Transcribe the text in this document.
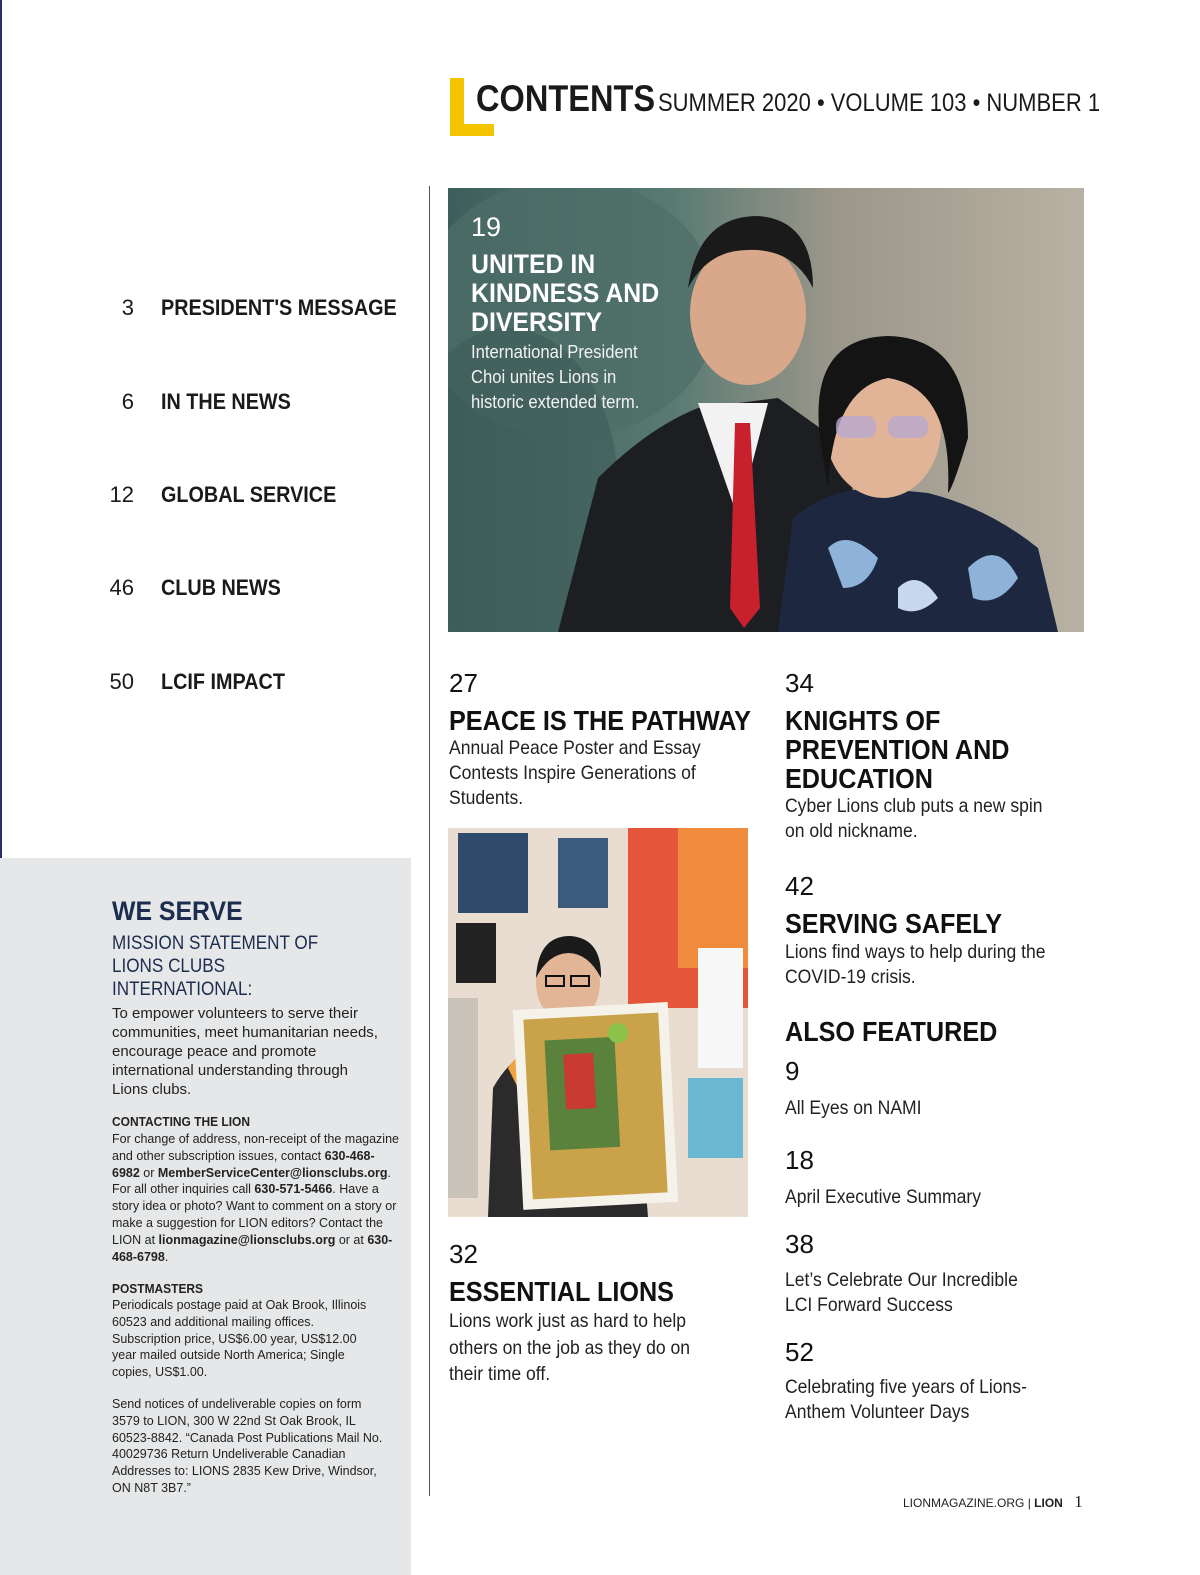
CONTENTS SUMMER 2020 • VOLUME 103 • NUMBER 1
3 PRESIDENT'S MESSAGE
6 IN THE NEWS
12 GLOBAL SERVICE
46 CLUB NEWS
50 LCIF IMPACT
WE SERVE
MISSION STATEMENT OF LIONS CLUBS INTERNATIONAL:
To empower volunteers to serve their communities, meet humanitarian needs, encourage peace and promote international understanding through Lions clubs.
CONTACTING THE LION
For change of address, non-receipt of the magazine and other subscription issues, contact 630-468-6982 or MemberServiceCenter@lionsclubs.org. For all other inquiries call 630-571-5466. Have a story idea or photo? Want to comment on a story or make a suggestion for LION editors? Contact the LION at lionmagazine@lionsclubs.org or at 630-468-6798.
POSTMASTERS
Periodicals postage paid at Oak Brook, Illinois 60523 and additional mailing offices. Subscription price, US$6.00 year, US$12.00 year mailed outside North America; Single copies, US$1.00.
Send notices of undeliverable copies on form 3579 to LION, 300 W 22nd St Oak Brook, IL 60523-8842. “Canada Post Publications Mail No. 40029736 Return Undeliverable Canadian Addresses to: LIONS 2835 Kew Drive, Windsor, ON N8T 3B7.”
19
UNITED IN KINDNESS AND DIVERSITY
International President Choi unites Lions in historic extended term.
27
PEACE IS THE PATHWAY
Annual Peace Poster and Essay Contests Inspire Generations of Students.
32
ESSENTIAL LIONS
Lions work just as hard to help others on the job as they do on their time off.
34
KNIGHTS OF PREVENTION AND EDUCATION
Cyber Lions club puts a new spin on old nickname.
42
SERVING SAFELY
Lions find ways to help during the COVID-19 crisis.
ALSO FEATURED
9
All Eyes on NAMI
18
April Executive Summary
38
Let’s Celebrate Our Incredible LCI Forward Success
52
Celebrating five years of Lions-Anthem Volunteer Days
LIONMAGAZINE.ORG | LION 1
